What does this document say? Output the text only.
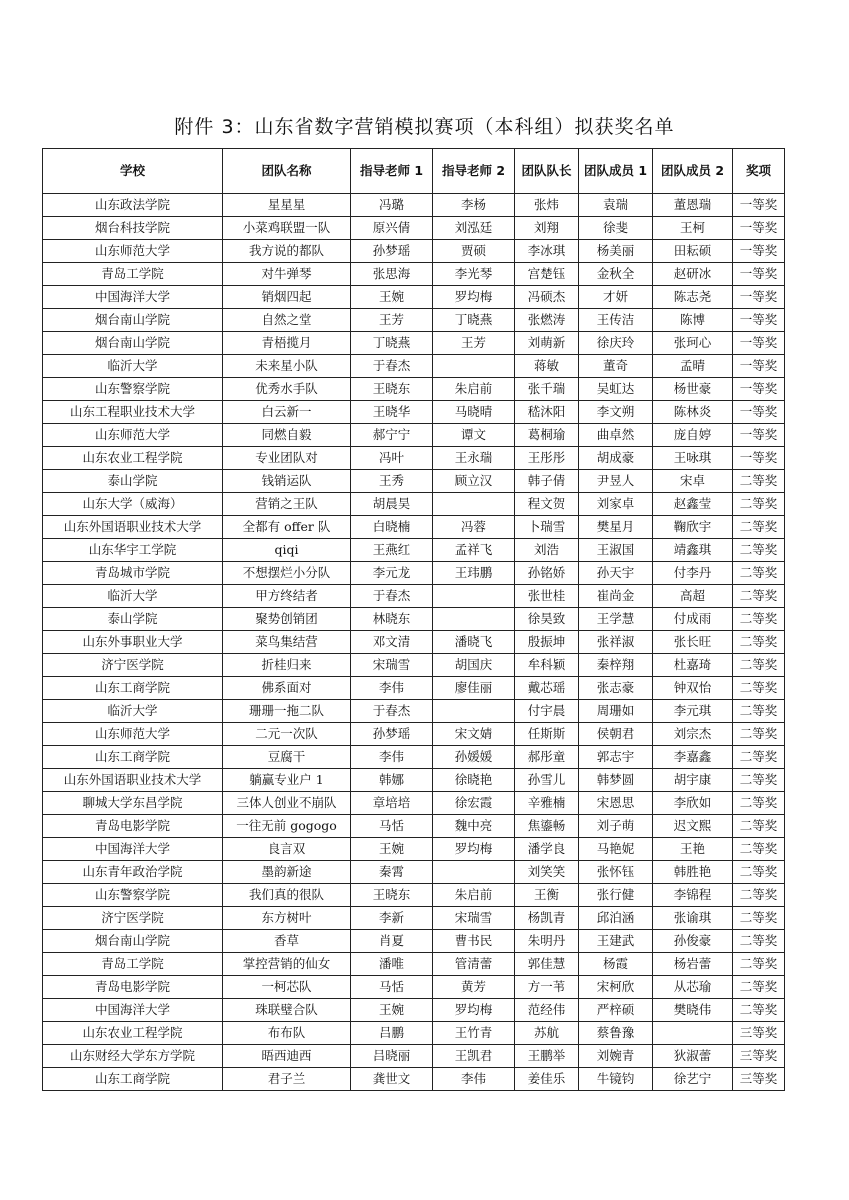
附件 3：山东省数字营销模拟赛项（本科组）拟获奖名单
学校	团队名称	指导老师 1	指导老师 2	团队队长	团队成员 1	团队成员 2	奖项
山东政法学院	星星星	冯璐	李杨	张炜	袁瑞	董恩瑞	一等奖
烟台科技学院	小菜鸡联盟一队	原兴倩	刘泓廷	刘翔	徐斐	王柯	一等奖
山东师范大学	我方说的都队	孙梦瑶	贾硕	李冰琪	杨美丽	田耘硕	一等奖
青岛工学院	对牛弹琴	张思海	李光琴	宫楚钰	金秋全	赵研冰	一等奖
中国海洋大学	销烟四起	王婉	罗均梅	冯硕杰	才妍	陈志尧	一等奖
烟台南山学院	自然之堂	王芳	丁晓燕	张燃涛	王传洁	陈博	一等奖
烟台南山学院	青梧揽月	丁晓燕	王芳	刘萌新	徐庆玲	张珂心	一等奖
临沂大学	未来星小队	于春杰		蒋敏	董奇	孟晴	一等奖
山东警察学院	优秀水手队	王晓东	朱启前	张千瑞	吴虹达	杨世豪	一等奖
山东工程职业技术大学	白云新一	王晓华	马晓晴	嵇沐阳	李文朔	陈林炎	一等奖
山东师范大学	同燃自毅	郝宁宁	谭文	葛桐瑜	曲卓然	庞自婷	一等奖
山东农业工程学院	专业团队对	冯叶	王永瑞	王彤彤	胡成豪	王咏琪	一等奖
泰山学院	钱销运队	王秀	顾立汉	韩子倩	尹昱人	宋卓	二等奖
山东大学（威海）	营销之王队	胡晨昊		程文贺	刘家卓	赵鑫莹	二等奖
山东外国语职业技术大学	全都有 offer 队	白晓楠	冯蓉	卜瑞雪	樊星月	鞠欣宇	二等奖
山东华宇工学院	qiqi	王燕红	孟祥飞	刘浩	王淑国	靖鑫琪	二等奖
青岛城市学院	不想摆烂小分队	李元龙	王玮鹏	孙铭娇	孙天宇	付李丹	二等奖
临沂大学	甲方终结者	于春杰		张世桂	崔尚金	高超	二等奖
泰山学院	聚势创销团	林晓东		徐昊致	王学慧	付成雨	二等奖
山东外事职业大学	菜鸟集结营	邓文清	潘晓飞	殷振坤	张祥淑	张长旺	二等奖
济宁医学院	折桂归来	宋瑞雪	胡国庆	牟科颖	秦梓翔	杜嘉琦	二等奖
山东工商学院	佛系面对	李伟	廖佳丽	戴芯瑶	张志豪	钟双怡	二等奖
临沂大学	珊珊一拖二队	于春杰		付宇晨	周珊如	李元琪	二等奖
山东师范大学	二元一次队	孙梦瑶	宋文婧	任斯斯	侯朝君	刘宗杰	二等奖
山东工商学院	豆腐干	李伟	孙媛媛	郝彤童	郭志宇	李嘉鑫	二等奖
山东外国语职业技术大学	躺赢专业户 1	韩娜	徐晓艳	孙雪儿	韩梦圆	胡宇康	二等奖
聊城大学东昌学院	三体人创业不崩队	章培培	徐宏霞	辛雅楠	宋恩思	李欣如	二等奖
青岛电影学院	一往无前 gogogo	马恬	魏中亮	焦鎏畅	刘子萌	迟文熙	二等奖
中国海洋大学	良言双	王婉	罗均梅	潘学良	马艳妮	王艳	二等奖
山东青年政治学院	墨韵新途	秦霄		刘笑笑	张怀钰	韩胜艳	二等奖
山东警察学院	我们真的很队	王晓东	朱启前	王衡	张行健	李锦程	二等奖
济宁医学院	东方树叶	李新	宋瑞雪	杨凯青	邱泊涵	张谕琪	二等奖
烟台南山学院	香草	肖夏	曹书民	朱明丹	王建武	孙俊豪	二等奖
青岛工学院	掌控营销的仙女	潘唯	管清蕾	郭佳慧	杨霞	杨岩蕾	二等奖
青岛电影学院	一柯芯队	马恬	黄芳	方一苇	宋柯欣	从芯瑜	二等奖
中国海洋大学	珠联璧合队	王婉	罗均梅	范经伟	严梓硕	樊晓伟	二等奖
山东农业工程学院	布布队	吕鹏	王竹青	苏航	蔡鲁豫		三等奖
山东财经大学东方学院	晤西迪西	吕晓丽	王凯君	王鹏举	刘婉青	狄淑蕾	三等奖
山东工商学院	君子兰	龚世文	李伟	姜佳乐	牛镜钧	徐艺宁	三等奖
